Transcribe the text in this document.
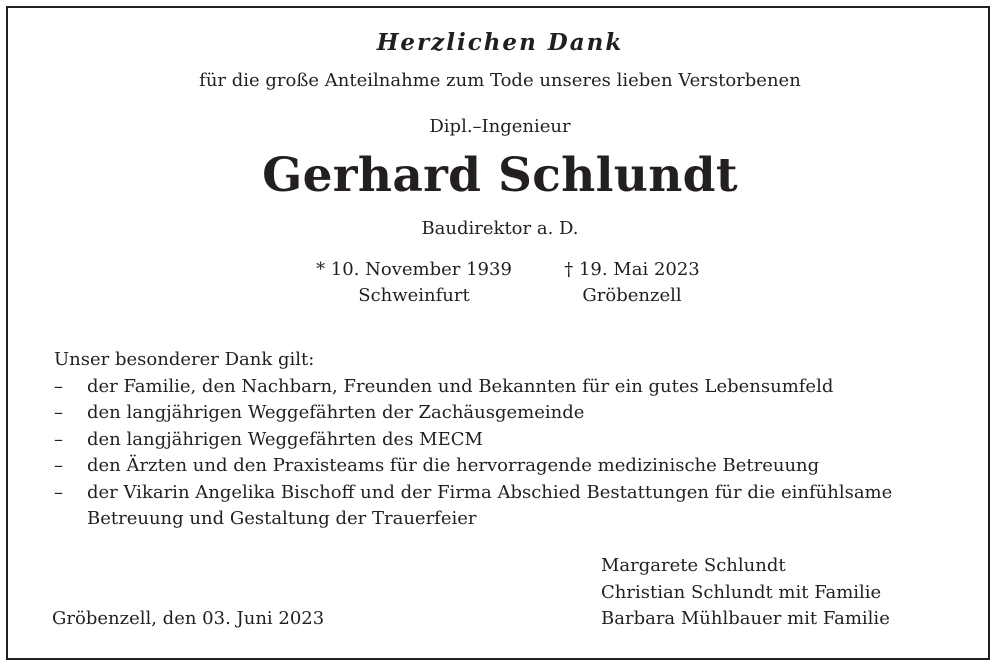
Herzlichen Dank
für die große Anteilnahme zum Tode unseres lieben Verstorbenen
Dipl.–Ingenieur
Gerhard Schlundt
Baudirektor a. D.
* 10. November 1939
Schweinfurt
† 19. Mai 2023
Gröbenzell
Unser besonderer Dank gilt:
– der Familie, den Nachbarn, Freunden und Bekannten für ein gutes Lebensumfeld
– den langjährigen Weggefährten der Zachäusgemeinde
– den langjährigen Weggefährten des MECM
– den Ärzten und den Praxisteams für die hervorragende medizinische Betreuung
– der Vikarin Angelika Bischoff und der Firma Abschied Bestattungen für die einfühlsame Betreuung und Gestaltung der Trauerfeier
Margarete Schlundt
Christian Schlundt mit Familie
Barbara Mühlbauer mit Familie
Gröbenzell, den 03. Juni 2023
